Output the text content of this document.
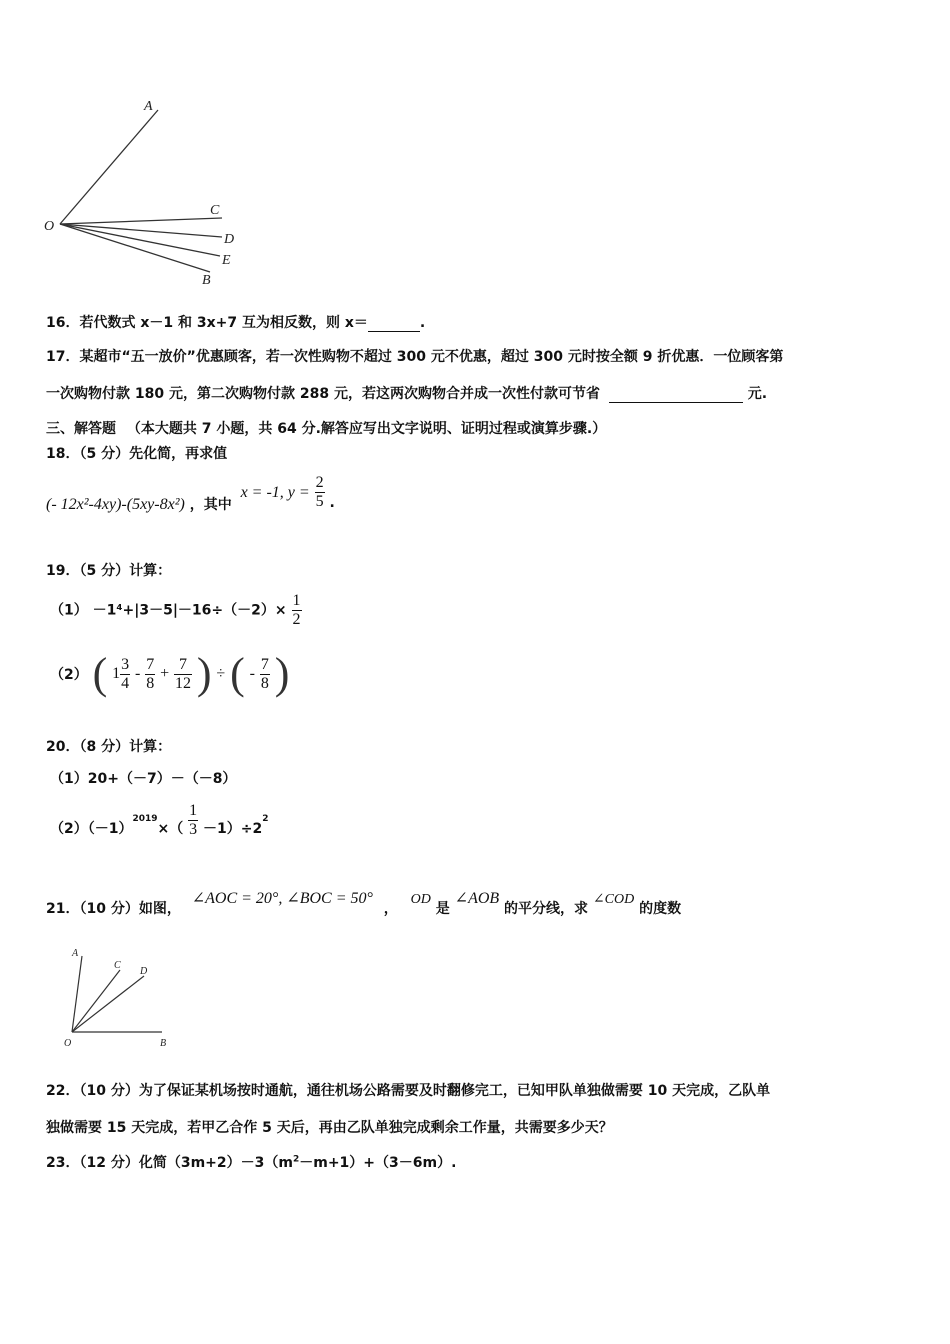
A
C
D
E
O
B
16．若代数式 x－1 和 3x+7 互为相反数，则 x＝	.
17．某超市“五一放价”优惠顾客，若一次性购物不超过 300 元不优惠，超过 300 元时按全额 9 折优惠．一位顾客第
一次购物付款 180 元，第二次购物付款 288 元，若这两次购物合并成一次性付款可节省	元.
三、解答题 （本大题共 7 小题，共 64 分.解答应写出文字说明、证明过程或演算步骤.）
18．（5 分）先化简，再求值
(- 12x²-4xy)-(5xy-8x²) ，其中 x = -1, $y = \frac{2}{5}$ .
19．（5 分）计算：
$(1) -1^4+|3-5|-16\div(-2)\times \frac{1}{2}$
（2） ( $1 \frac{3}{4} - \frac{7}{8} + \frac{7}{12}$ ) ÷ ( - $\frac{7}{8}$ )
20．（8 分）计算：
（1）20+（－7）－（－8）
$(2)(-1)^{2019}\times( \frac{1}{3} -1)\div 2^2$
21．（10 分）如图， ∠AOC = 20°, ∠BOC = 50° ， OD 是 ∠AOB 的平分线，求 ∠COD 的度数
A
C
D
O	B
22．（10 分）为了保证某机场按时通航，通往机场公路需要及时翻修完工，已知甲队单独做需要 10 天完成，乙队单
独做需要 15 天完成，若甲乙合作 5 天后，再由乙队单独完成剩余工作量，共需要多少天？
23．（12 分）化简$(3m+2)-3(m^2-m+1)+(3-6m)$.
